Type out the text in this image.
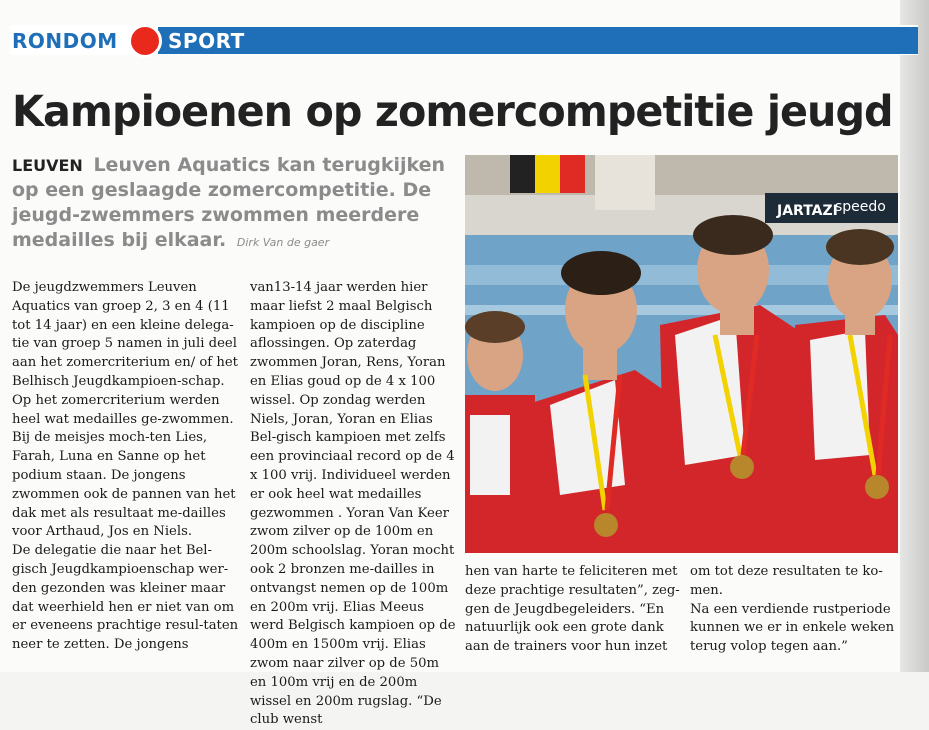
RONDOM	SPORT
Kampioenen op zomercompetitie jeugd
LEUVEN Leuven Aquatics kan terugkijken op een geslaagde zomercompetitie. De jeugd-zwemmers zwommen meerdere medailles bij elkaar. Dirk Van de gaer

De jeugdzwemmers Leuven Aquatics van groep 2, 3 en 4 (11 tot 14 jaar) en een kleine delega-tie van groep 5 namen in juli deel aan het zomercriterium en/ of het Belhisch Jeugdkampioen-schap. Op het zomercriterium werden heel wat medailles ge-zwommen. Bij de meisjes moch-ten Lies, Farah, Luna en Sanne op het podium staan. De jongens zwommen ook de pannen van het dak met als resultaat me-dailles voor Arthaud, Jos en Niels.

De delegatie die naar het Bel-gisch Jeugdkampioenschap wer-den gezonden was kleiner maar dat weerhield hen er niet van om er eveneens prachtige resul-taten neer te zetten. De jongens

van13-14 jaar werden hier maar liefst 2 maal Belgisch kampioen op de discipline aflossingen. Op zaterdag zwommen Joran, Rens, Yoran en Elias goud op de 4 x 100 wissel. Op zondag werden Niels, Joran, Yoran en Elias Bel-gisch kampioen met zelfs een provinciaal record op de 4 x 100 vrij. Individueel werden er ook heel wat medailles gezwommen . Yoran Van Keer zwom zilver op de 100m en 200m schoolslag. Yoran mocht ook 2 bronzen me-dailles in ontvangst nemen op de 100m en 200m vrij. Elias Meeus werd Belgisch kampioen op de 400m en 1500m vrij. Elias zwom naar zilver op de 50m en 100m vrij en de 200m wissel en 200m rugslag. “De club wenst

JARTAZI
speedo

hen van harte te feliciteren met deze prachtige resultaten”, zeg-gen de Jeugdbegeleiders. “En natuurlijk ook een grote dank aan de trainers voor hun inzet

om tot deze resultaten te ko-men.

Na een verdiende rustperiode kunnen we er in enkele weken terug volop tegen aan.”
